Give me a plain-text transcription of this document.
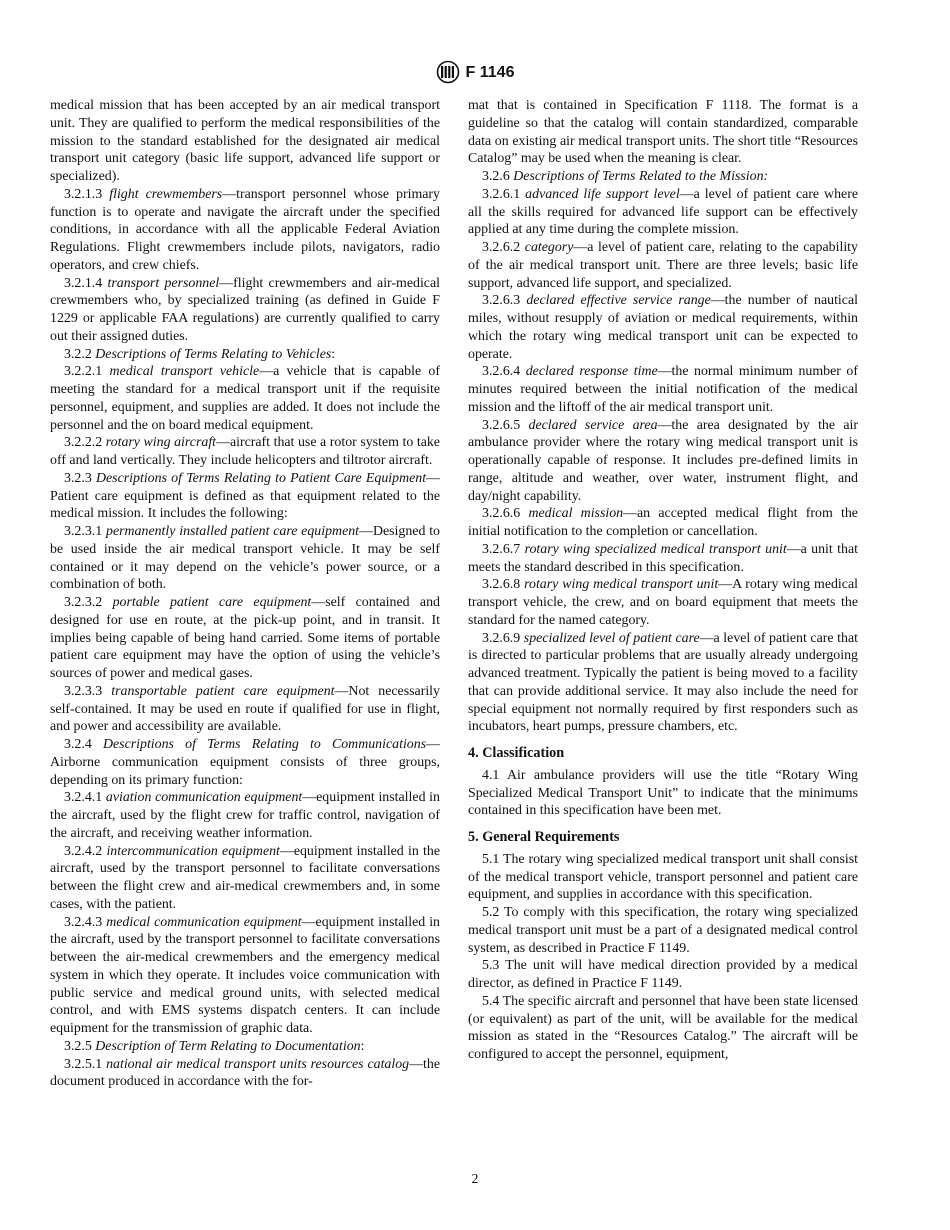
F 1146

medical mission that has been accepted by an air medical transport unit. They are qualified to perform the medical responsibilities of the mission to the standard established for the designated air medical transport unit category (basic life support, advanced life support or specialized).

3.2.1.3 flight crewmembers—transport personnel whose primary function is to operate and navigate the aircraft under the specified conditions, in accordance with all the applicable Federal Aviation Regulations. Flight crewmembers include pilots, navigators, radio operators, and crew chiefs.

3.2.1.4 transport personnel—flight crewmembers and air-medical crewmembers who, by specialized training (as defined in Guide F 1229 or applicable FAA regulations) are currently qualified to carry out their assigned duties.

3.2.2 Descriptions of Terms Relating to Vehicles:

3.2.2.1 medical transport vehicle—a vehicle that is capable of meeting the standard for a medical transport unit if the requisite personnel, equipment, and supplies are added. It does not include the personnel and the on board medical equipment.

3.2.2.2 rotary wing aircraft—aircraft that use a rotor system to take off and land vertically. They include helicopters and tiltrotor aircraft.

3.2.3 Descriptions of Terms Relating to Patient Care Equipment—Patient care equipment is defined as that equipment related to the medical mission. It includes the following:

3.2.3.1 permanently installed patient care equipment—Designed to be used inside the air medical transport vehicle. It may be self contained or it may depend on the vehicle’s power source, or a combination of both.

3.2.3.2 portable patient care equipment—self contained and designed for use en route, at the pick-up point, and in transit. It implies being capable of being hand carried. Some items of portable patient care equipment may have the option of using the vehicle’s sources of power and medical gases.

3.2.3.3 transportable patient care equipment—Not necessarily self-contained. It may be used en route if qualified for use in flight, and power and accessibility are available.

3.2.4 Descriptions of Terms Relating to Communications—Airborne communication equipment consists of three groups, depending on its primary function:

3.2.4.1 aviation communication equipment—equipment installed in the aircraft, used by the flight crew for traffic control, navigation of the aircraft, and receiving weather information.

3.2.4.2 intercommunication equipment—equipment installed in the aircraft, used by the transport personnel to facilitate conversations between the flight crew and air-medical crewmembers and, in some cases, with the patient.

3.2.4.3 medical communication equipment—equipment installed in the aircraft, used by the transport personnel to facilitate conversations between the air-medical crewmembers and the emergency medical system in which they operate. It includes voice communication with public service and medical ground units, with selected medical control, and with EMS systems dispatch centers. It can include equipment for the transmission of graphic data.

3.2.5 Description of Term Relating to Documentation:

3.2.5.1 national air medical transport units resources catalog—the document produced in accordance with the for-

mat that is contained in Specification F 1118. The format is a guideline so that the catalog will contain standardized, comparable data on existing air medical transport units. The short title “Resources Catalog” may be used when the meaning is clear.

3.2.6 Descriptions of Terms Related to the Mission:

3.2.6.1 advanced life support level—a level of patient care where all the skills required for advanced life support can be effectively applied at any time during the complete mission.

3.2.6.2 category—a level of patient care, relating to the capability of the air medical transport unit. There are three levels; basic life support, advanced life support, and specialized.

3.2.6.3 declared effective service range—the number of nautical miles, without resupply of aviation or medical requirements, within which the rotary wing medical transport unit can be expected to operate.

3.2.6.4 declared response time—the normal minimum number of minutes required between the initial notification of the medical mission and the liftoff of the air medical transport unit.

3.2.6.5 declared service area—the area designated by the air ambulance provider where the rotary wing medical transport unit is operationally capable of response. It includes pre-defined limits in range, altitude and weather, over water, instrument flight, and day/night capability.

3.2.6.6 medical mission—an accepted medical flight from the initial notification to the completion or cancellation.

3.2.6.7 rotary wing specialized medical transport unit—a unit that meets the standard described in this specification.

3.2.6.8 rotary wing medical transport unit—A rotary wing medical transport vehicle, the crew, and on board equipment that meets the standard for the named category.

3.2.6.9 specialized level of patient care—a level of patient care that is directed to particular problems that are usually already undergoing advanced treatment. Typically the patient is being moved to a facility that can provide additional service. It may also include the need for special equipment not normally required by first responders such as incubators, heart pumps, pressure chambers, etc.

4. Classification

4.1 Air ambulance providers will use the title “Rotary Wing Specialized Medical Transport Unit” to indicate that the minimums contained in this specification have been met.

5. General Requirements

5.1 The rotary wing specialized medical transport unit shall consist of the medical transport vehicle, transport personnel and patient care equipment, and supplies in accordance with this specification.

5.2 To comply with this specification, the rotary wing specialized medical transport unit must be a part of a designated medical control system, as described in Practice F 1149.

5.3 The unit will have medical direction provided by a medical director, as defined in Practice F 1149.

5.4 The specific aircraft and personnel that have been state licensed (or equivalent) as part of the unit, will be available for the medical mission as stated in the “Resources Catalog.” The aircraft will be configured to accept the personnel, equipment,

2
